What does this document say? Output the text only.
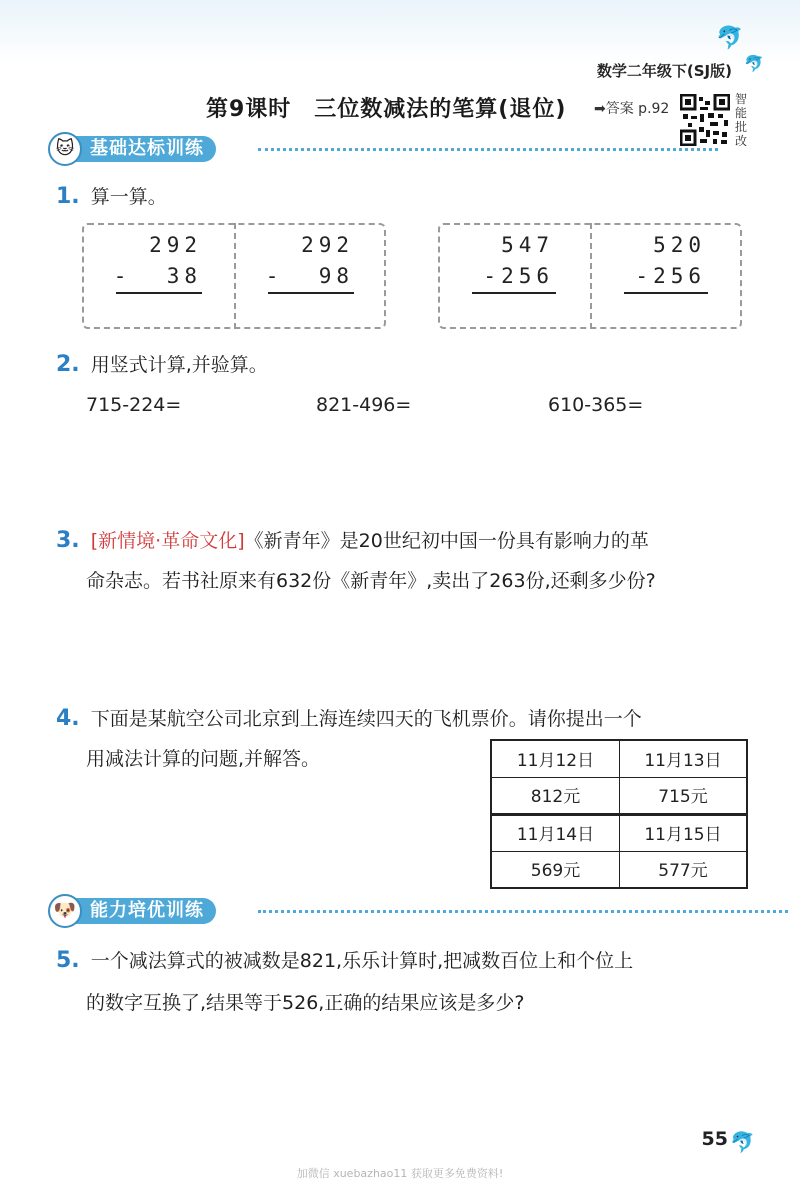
🐬
🐬
数学二年级下(SJ版)
第9课时　三位数减法的笔算(退位) ➡答案 p.92
智能批改
基础达标训练
🐱
1. 算一算。
292
-  38
292
-  98
547
-256
520
-256
2. 用竖式计算,并验算。
715-224=	821-496=	610-365=
3. [新情境·革命文化]《新青年》是20世纪初中国一份具有影响力的革
命杂志。若书社原来有632份《新青年》,卖出了263份,还剩多少份?
4. 下面是某航空公司北京到上海连续四天的飞机票价。请你提出一个
用减法计算的问题,并解答。	11月12日	11月13日
812元	715元
11月14日	11月15日
569元	577元
能力培优训练
🐶
5. 一个减法算式的被减数是821,乐乐计算时,把减数百位上和个位上
的数字互换了,结果等于526,正确的结果应该是多少?
55 🐬
加微信 xuebazhao11 获取更多免费资料!
